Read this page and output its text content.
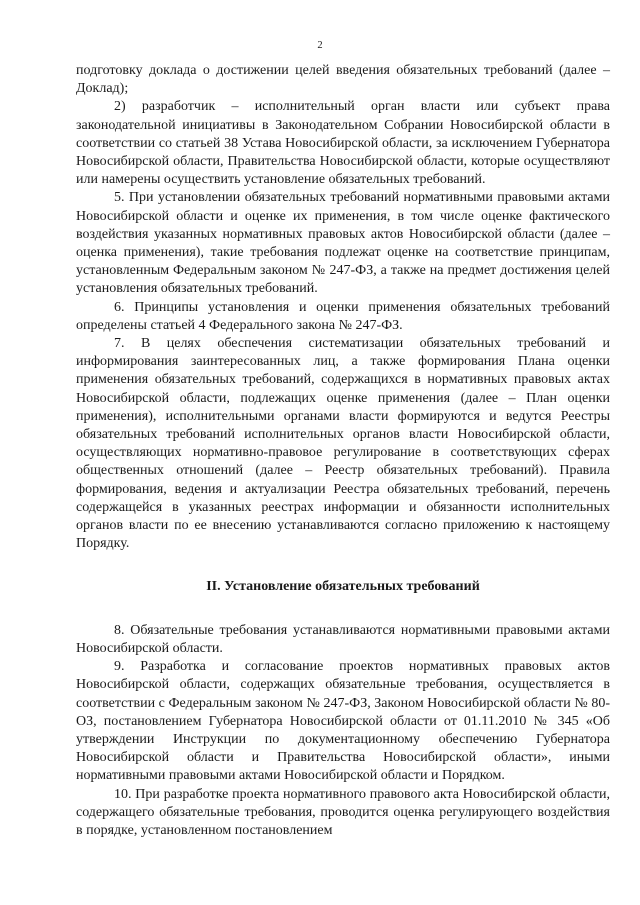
2

подготовку доклада о достижении целей введения обязательных требований (далее – Доклад);

2) разработчик – исполнительный орган власти или субъект права законодательной инициативы в Законодательном Собрании Новосибирской области в соответствии со статьей 38 Устава Новосибирской области, за исключением Губернатора Новосибирской области, Правительства Новосибирской области, которые осуществляют или намерены осуществить установление обязательных требований.

5. При установлении обязательных требований нормативными правовыми актами Новосибирской области и оценке их применения, в том числе оценке фактического воздействия указанных нормативных правовых актов Новосибирской области (далее – оценка применения), такие требования подлежат оценке на соответствие принципам, установленным Федеральным законом № 247-ФЗ, а также на предмет достижения целей установления обязательных требований.

6. Принципы установления и оценки применения обязательных требований определены статьей 4 Федерального закона № 247-ФЗ.

7. В целях обеспечения систематизации обязательных требований и информирования заинтересованных лиц, а также формирования Плана оценки применения обязательных требований, содержащихся в нормативных правовых актах Новосибирской области, подлежащих оценке применения (далее – План оценки применения), исполнительными органами власти формируются и ведутся Реестры обязательных требований исполнительных органов власти Новосибирской области, осуществляющих нормативно-правовое регулирование в соответствующих сферах общественных отношений (далее – Реестр обязательных требований). Правила формирования, ведения и актуализации Реестра обязательных требований, перечень содержащейся в указанных реестрах информации и обязанности исполнительных органов власти по ее внесению устанавливаются согласно приложению к настоящему Порядку.

II. Установление обязательных требований

8. Обязательные требования устанавливаются нормативными правовыми актами Новосибирской области.

9. Разработка и согласование проектов нормативных правовых актов Новосибирской области, содержащих обязательные требования, осуществляется в соответствии с Федеральным законом № 247-ФЗ, Законом Новосибирской области № 80-ОЗ, постановлением Губернатора Новосибирской области от 01.11.2010 № 345 «Об утверждении Инструкции по документационному обеспечению Губернатора Новосибирской области и Правительства Новосибирской области», иными нормативными правовыми актами Новосибирской области и Порядком.

10. При разработке проекта нормативного правового акта Новосибирской области, содержащего обязательные требования, проводится оценка регулирующего воздействия в порядке, установленном постановлением
